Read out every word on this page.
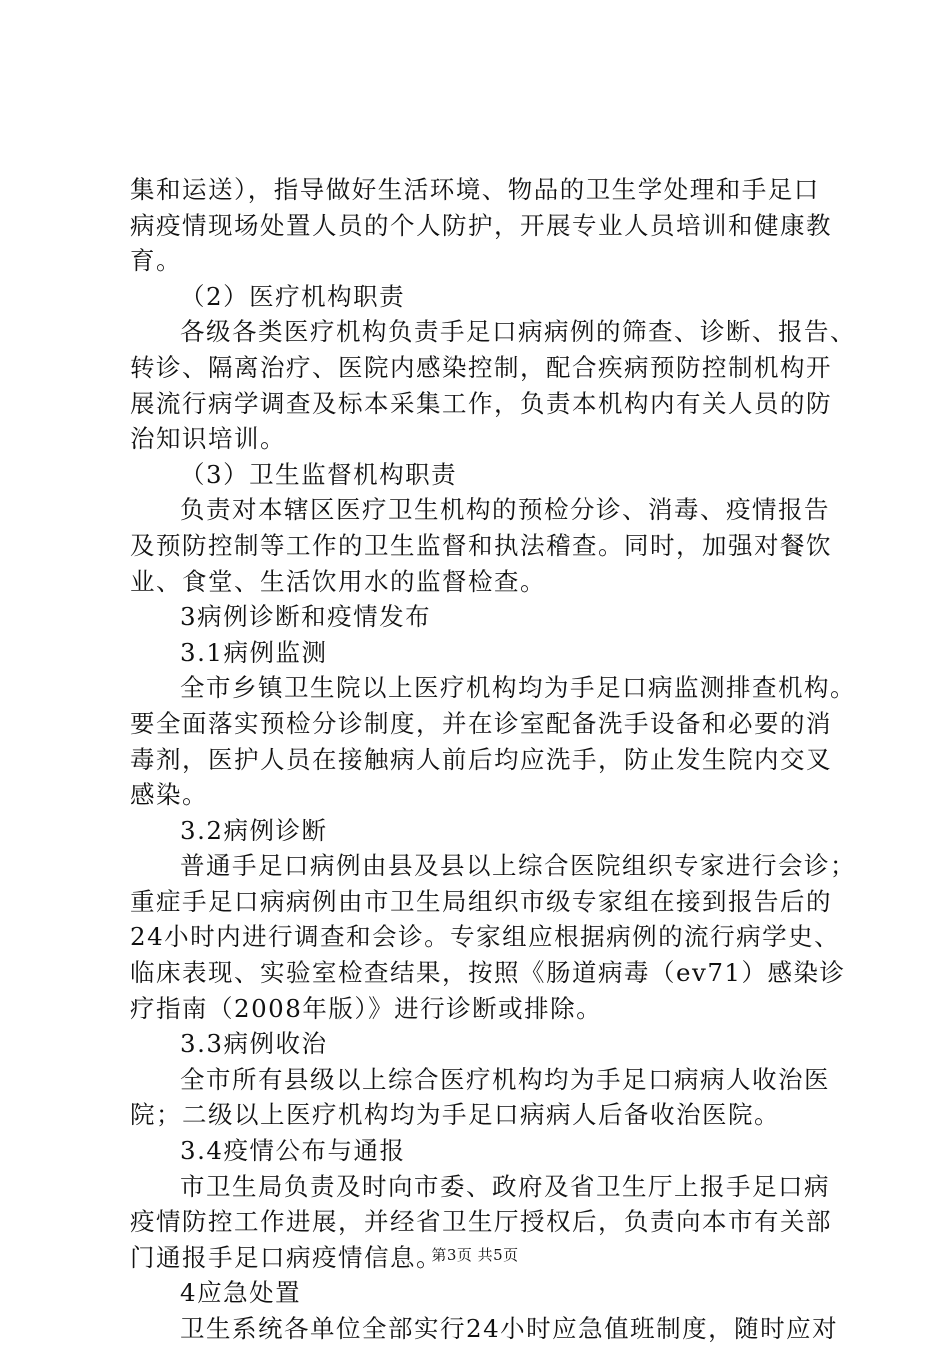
集和运送），指导做好生活环境、物品的卫生学处理和手足口
病疫情现场处置人员的个人防护，开展专业人员培训和健康教
育。
（2）医疗机构职责
各级各类医疗机构负责手足口病病例的筛查、诊断、报告、
转诊、隔离治疗、医院内感染控制，配合疾病预防控制机构开
展流行病学调查及标本采集工作，负责本机构内有关人员的防
治知识培训。
（3）卫生监督机构职责
负责对本辖区医疗卫生机构的预检分诊、消毒、疫情报告
及预防控制等工作的卫生监督和执法稽查。同时，加强对餐饮
业、食堂、生活饮用水的监督检查。
3病例诊断和疫情发布
3.1病例监测
全市乡镇卫生院以上医疗机构均为手足口病监测排查机构。
要全面落实预检分诊制度，并在诊室配备洗手设备和必要的消
毒剂，医护人员在接触病人前后均应洗手，防止发生院内交叉
感染。
3.2病例诊断
普通手足口病例由县及县以上综合医院组织专家进行会诊；
重症手足口病病例由市卫生局组织市级专家组在接到报告后的
24小时内进行调查和会诊。专家组应根据病例的流行病学史、
临床表现、实验室检查结果，按照《肠道病毒（ev71）感染诊
疗指南（2008年版）》进行诊断或排除。
3.3病例收治
全市所有县级以上综合医疗机构均为手足口病病人收治医
院；二级以上医疗机构均为手足口病病人后备收治医院。
3.4疫情公布与通报
市卫生局负责及时向市委、政府及省卫生厅上报手足口病
疫情防控工作进展，并经省卫生厅授权后，负责向本市有关部
门通报手足口病疫情信息。
4应急处置
卫生系统各单位全部实行24小时应急值班制度，随时应对
第3页 共5页
